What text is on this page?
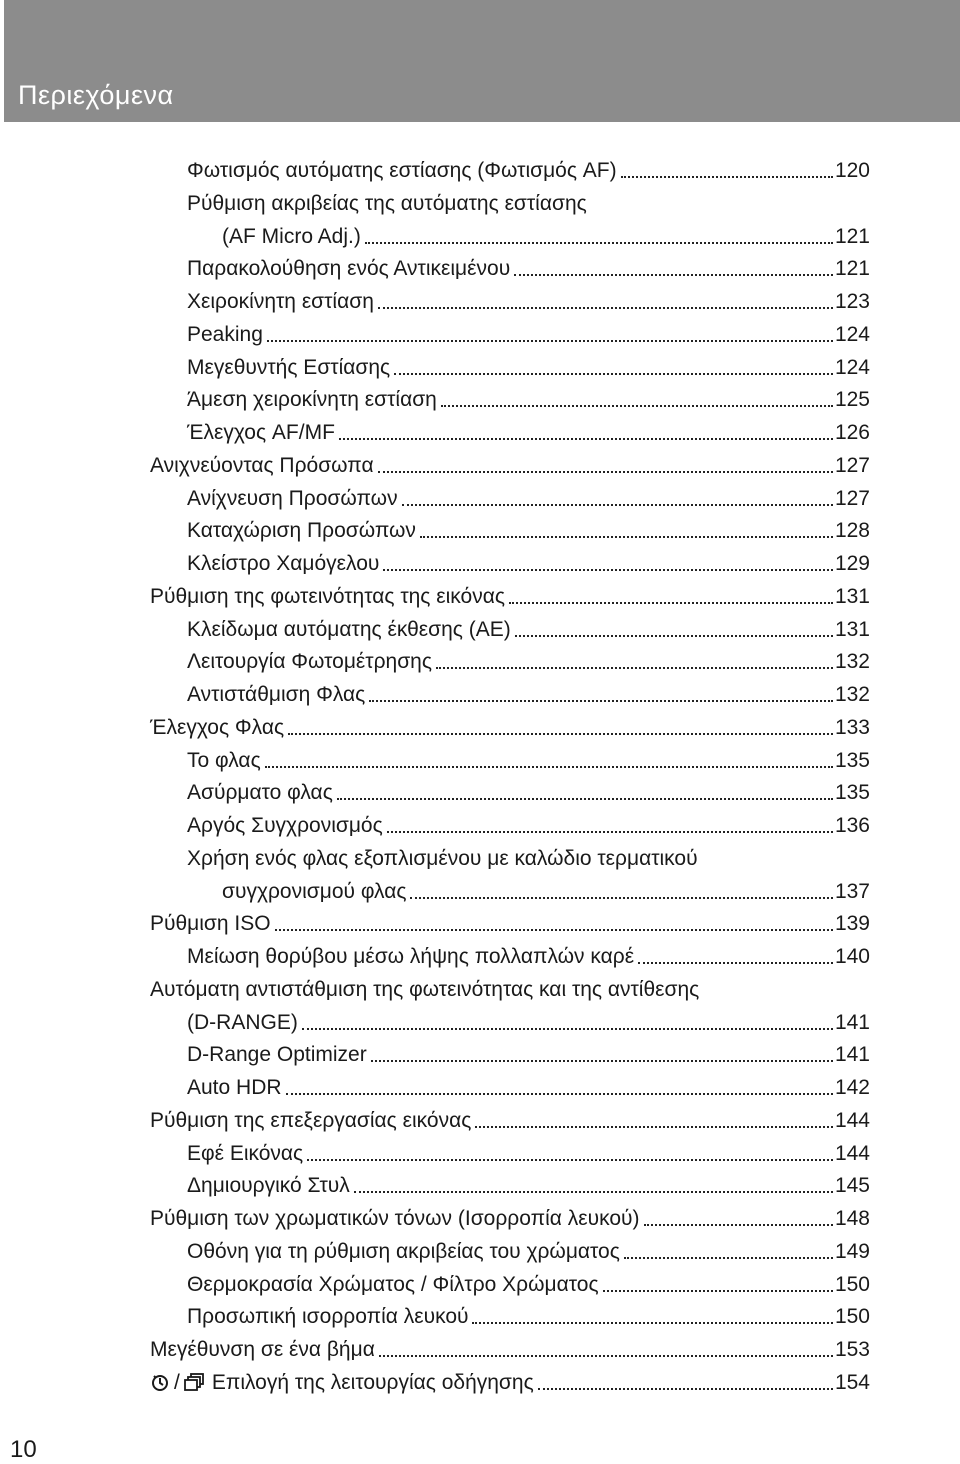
Περιεχόμενα
Φωτισμός αυτόματης εστίασης (Φωτισμός AF)	120
Ρύθμιση ακριβείας της αυτόματης εστίασης
(AF Micro Adj.)	121
Παρακολούθηση ενός Αντικειμένου	121
Χειροκίνητη εστίαση	123
Peaking	124
Μεγεθυντής Εστίασης	124
Άμεση χειροκίνητη εστίαση	125
Έλεγχος AF/MF	126
Ανιχνεύοντας Πρόσωπα	127
Ανίχνευση Προσώπων	127
Καταχώριση Προσώπων	128
Κλείστρο Χαμόγελου	129
Ρύθμιση της φωτεινότητας της εικόνας	131
Κλείδωμα αυτόματης έκθεσης (AE)	131
Λειτουργία Φωτομέτρησης	132
Αντιστάθμιση Φλας	132
Έλεγχος Φλας	133
Το φλας	135
Ασύρματο φλας	135
Αργός Συγχρονισμός	136
Χρήση ενός φλας εξοπλισμένου με καλώδιο τερματικού
συγχρονισμού φλας	137
Ρύθμιση ISO	139
Μείωση θορύβου μέσω λήψης πολλαπλών καρέ	140
Αυτόματη αντιστάθμιση της φωτεινότητας και της αντίθεσης
(D-RANGE)	141
D-Range Optimizer	141
Auto HDR	142
Ρύθμιση της επεξεργασίας εικόνας	144
Εφέ Εικόνας	144
Δημιουργικό Στυλ	145
Ρύθμιση των χρωματικών τόνων (Ισορροπία λευκού)	148
Οθόνη για τη ρύθμιση ακριβείας του χρώματος	149
Θερμοκρασία Χρώματος / Φίλτρο Χρώματος	150
Προσωπική ισορροπία λευκού	150
Μεγέθυνση σε ένα βήμα	153
/ Επιλογή της λειτουργίας οδήγησης	154
10
